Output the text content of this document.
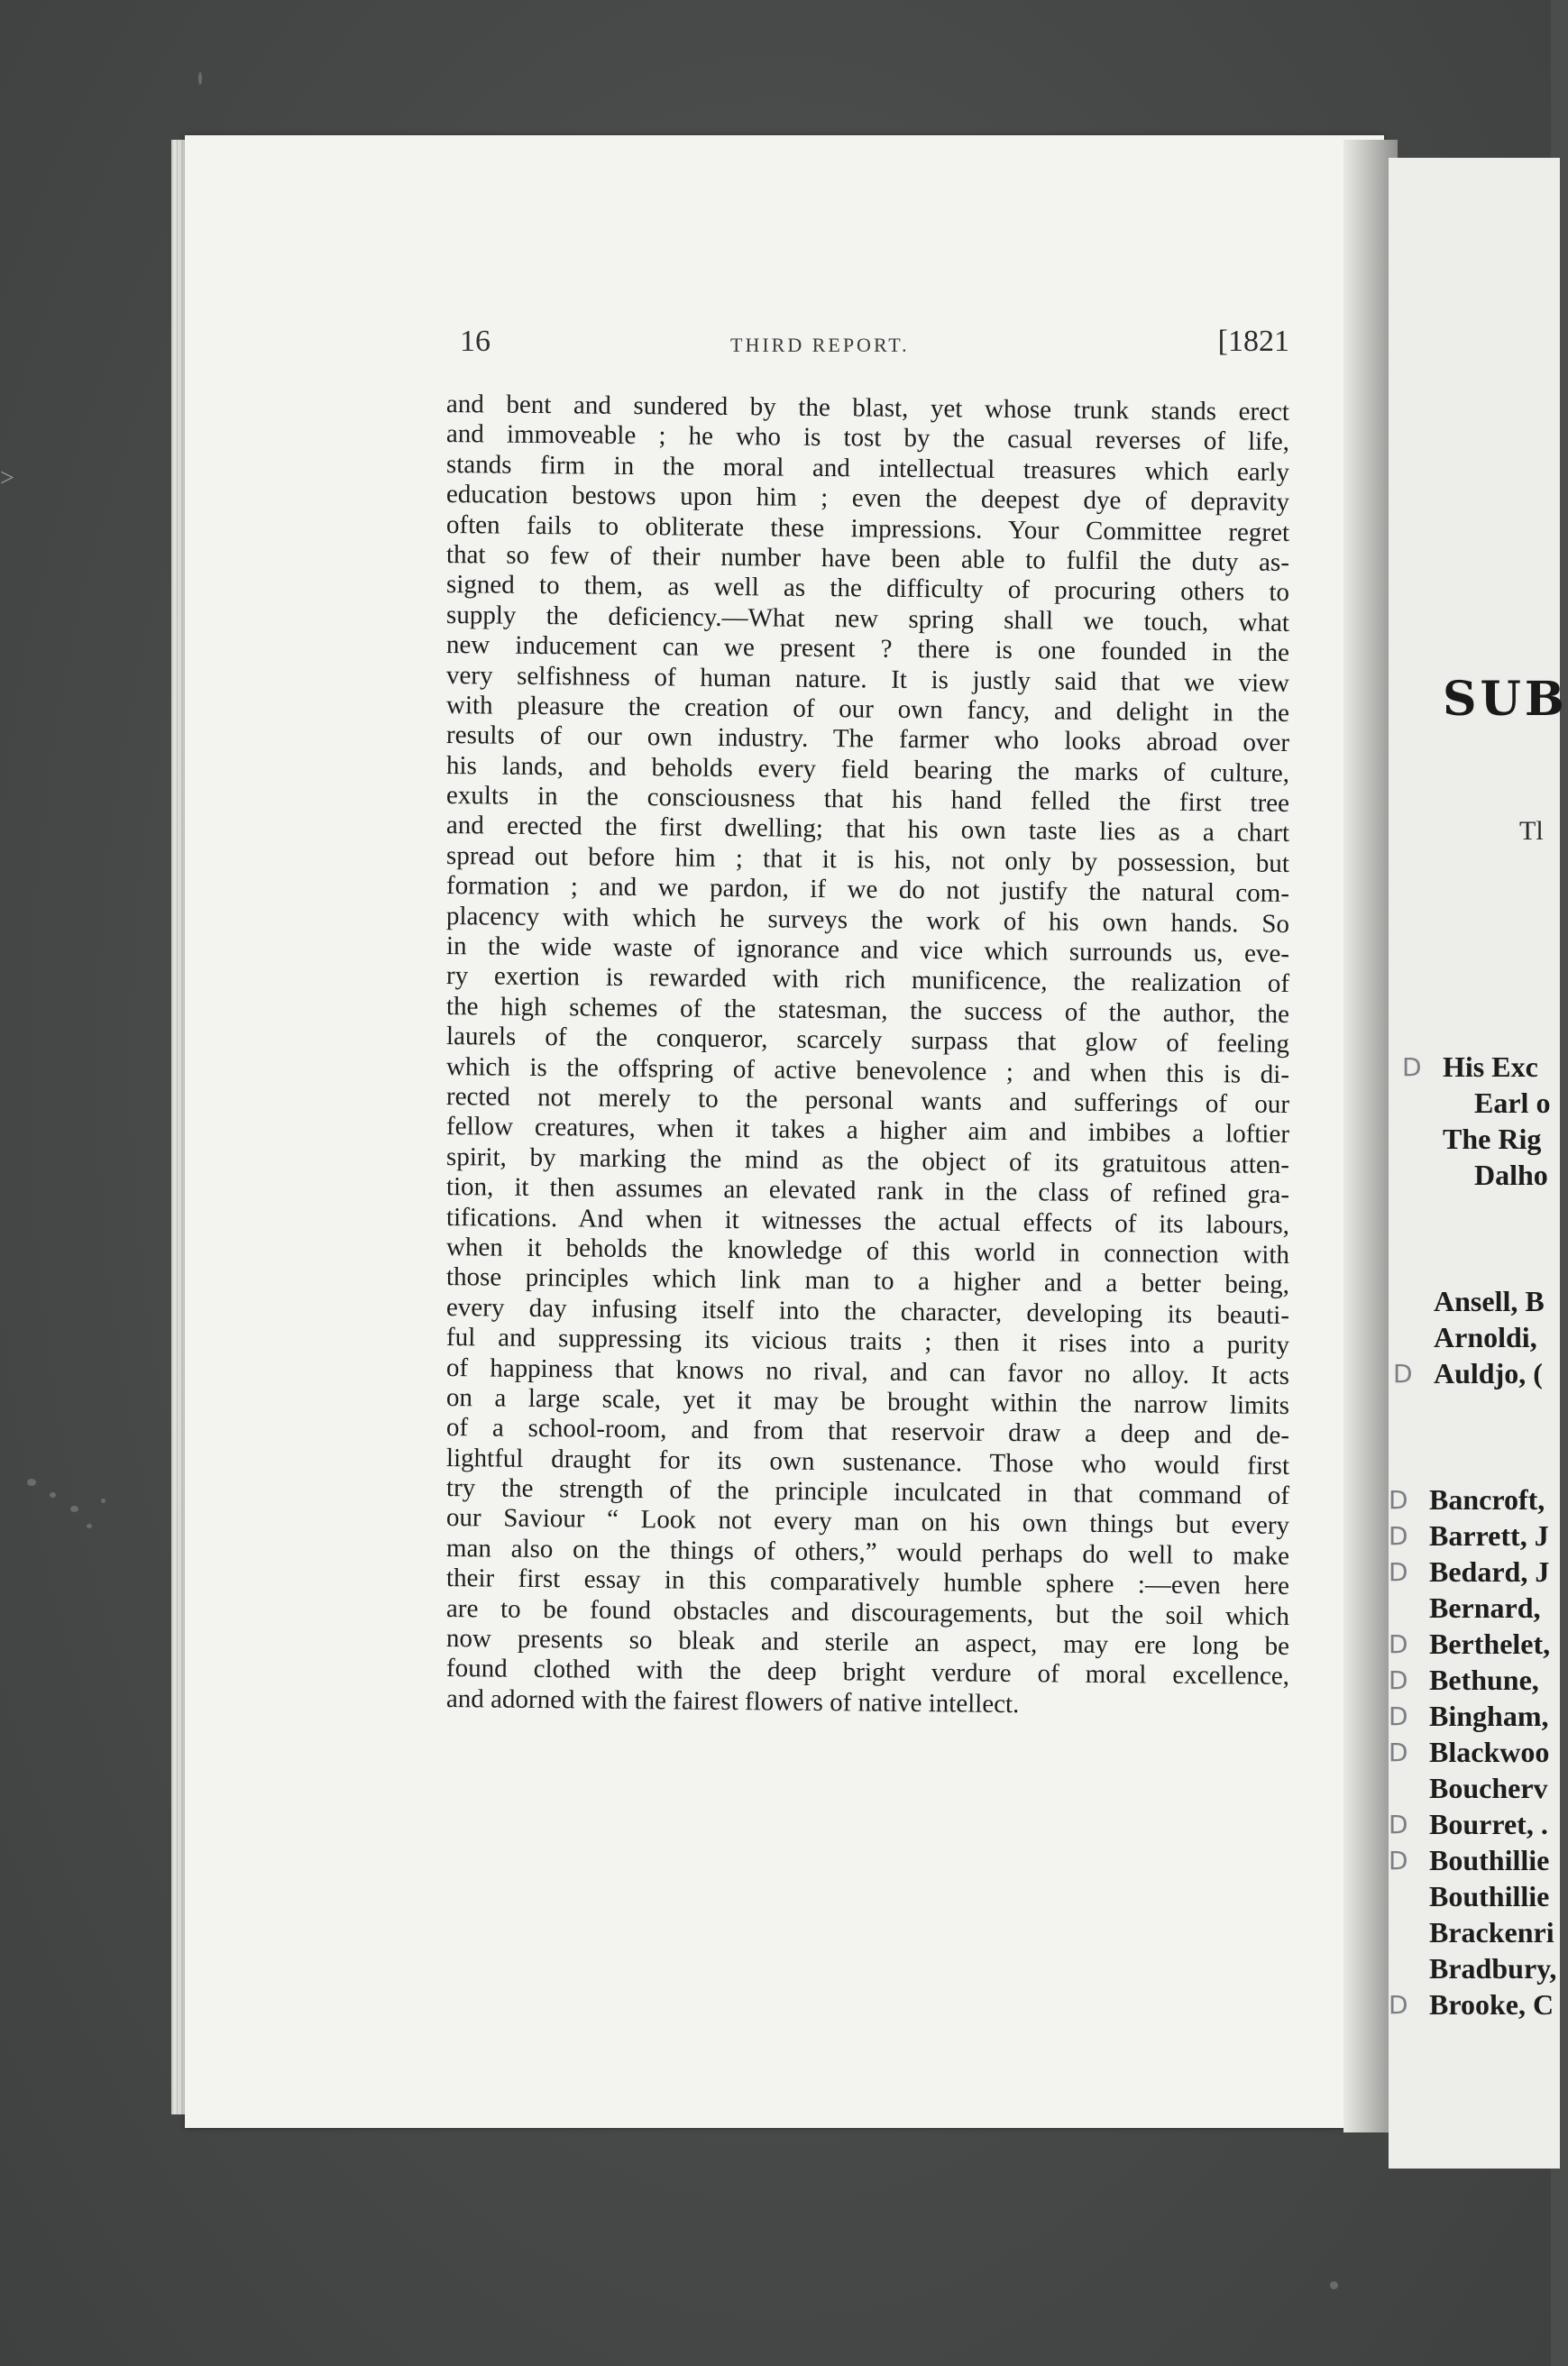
>
16	THIRD REPORT.	[1821
and bent and sundered by the blast, yet whose trunk stands erect
and immoveable ; he who is tost by the casual reverses of life,
stands firm in the moral and intellectual treasures which early
education bestows upon him ; even the deepest dye of depravity
often fails to obliterate these impressions. Your Committee regret
that so few of their number have been able to fulfil the duty as-
signed to them, as well as the difficulty of procuring others to
supply the deficiency.—What new spring shall we touch, what
new inducement can we present ? there is one founded in the
very selfishness of human nature. It is justly said that we view
with pleasure the creation of our own fancy, and delight in the
results of our own industry. The farmer who looks abroad over
his lands, and beholds every field bearing the marks of culture,
exults in the consciousness that his hand felled the first tree
and erected the first dwelling; that his own taste lies as a chart
spread out before him ; that it is his, not only by possession, but
formation ; and we pardon, if we do not justify the natural com-
placency with which he surveys the work of his own hands. So
in the wide waste of ignorance and vice which surrounds us, eve-
ry exertion is rewarded with rich munificence, the realization of
the high schemes of the statesman, the success of the author, the
laurels of the conqueror, scarcely surpass that glow of feeling
which is the offspring of active benevolence ; and when this is di-
rected not merely to the personal wants and sufferings of our
fellow creatures, when it takes a higher aim and imbibes a loftier
spirit, by marking the mind as the object of its gratuitous atten-
tion, it then assumes an elevated rank in the class of refined gra-
tifications. And when it witnesses the actual effects of its labours,
when it beholds the knowledge of this world in connection with
those principles which link man to a higher and a better being,
every day infusing itself into the character, developing its beauti-
ful and suppressing its vicious traits ; then it rises into a purity
of happiness that knows no rival, and can favor no alloy. It acts
on a large scale, yet it may be brought within the narrow limits
of a school-room, and from that reservoir draw a deep and de-
lightful draught for its own sustenance. Those who would first
try the strength of the principle inculcated in that command of
our Saviour “ Look not every man on his own things but every
man also on the things of others,” would perhaps do well to make
their first essay in this comparatively humble sphere :—even here
are to be found obstacles and discouragements, but the soil which
now presents so bleak and sterile an aspect, may ere long be
found clothed with the deep bright verdure of moral excellence,
and adorned with the fairest flowers of native intellect.
SUB
Tl
His Exc
D
Earl o
The Rig
Dalho
Ansell, B
Arnoldi,
Auldjo, (
D
Bancroft,
D
Barrett, J
D
Bedard, J
D
Bernard,
Berthelet,
D
Bethune,
D
Bingham,
D
Blackwoo
D
Boucherv
Bourret, .
D
Bouthillie
D
Bouthillie
Brackenri
Bradbury,
Brooke, C
D
